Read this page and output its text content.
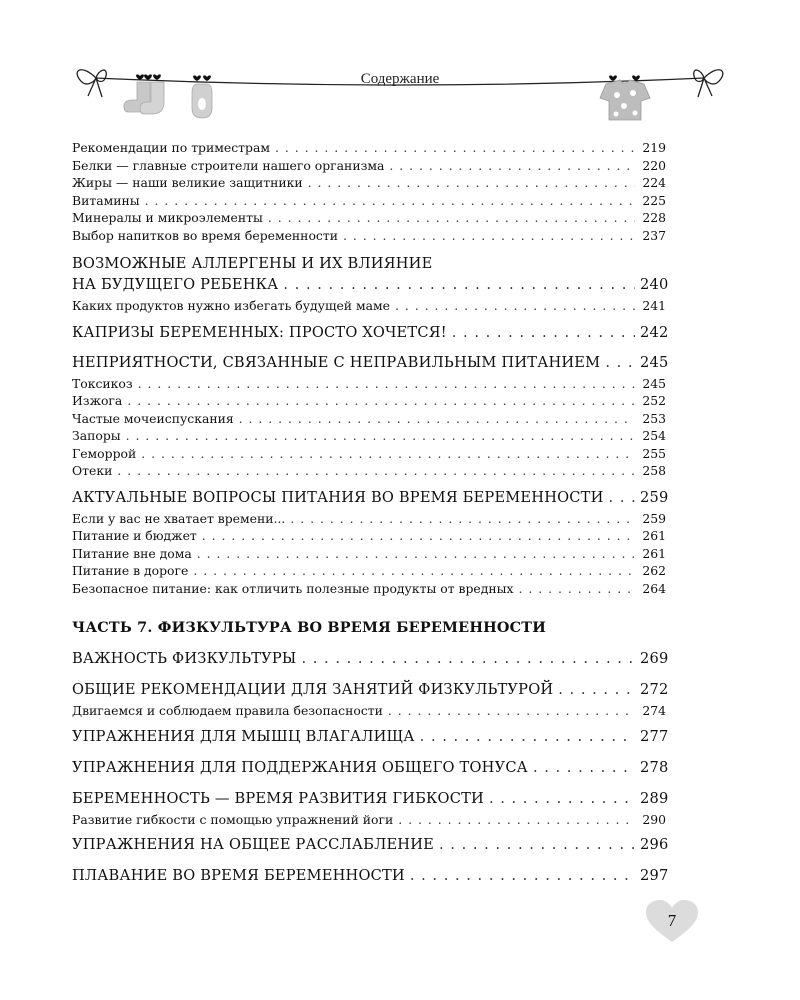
Содержание
Рекомендации по триместрам . . .	219
Белки — главные строители нашего организма . . .	220
Жиры — наши великие защитники . . .	224
Витамины . . .	225
Минералы и микроэлементы . . .	228
Выбор напитков во время беременности . . .	237
ВОЗМОЖНЫЕ АЛЛЕРГЕНЫ И ИХ ВЛИЯНИЕ
НА БУДУЩЕГО РЕБЕНКА . . .	240
Каких продуктов нужно избегать будущей маме . . .	241
КАПРИЗЫ БЕРЕМЕННЫХ: ПРОСТО ХОЧЕТСЯ! . . .	242
НЕПРИЯТНОСТИ, СВЯЗАННЫЕ С НЕПРАВИЛЬНЫМ ПИТАНИЕМ . . .	245
Токсикоз . . .	245
Изжога . . .	252
Частые мочеиспускания . . .	253
Запоры . . .	254
Геморрой . . .	255
Отеки . . .	258
АКТУАЛЬНЫЕ ВОПРОСЫ ПИТАНИЯ ВО ВРЕМЯ БЕРЕМЕННОСТИ . . . 259
Если у вас не хватает времени... . . .	259
Питание и бюджет . . .	261
Питание вне дома . . .	261
Питание в дороге . . .	262
Безопасное питание: как отличить полезные продукты от вредных . . .	264
ЧАСТЬ 7. ФИЗКУЛЬТУРА ВО ВРЕМЯ БЕРЕМЕННОСТИ
ВАЖНОСТЬ ФИЗКУЛЬТУРЫ . . .	269
ОБЩИЕ РЕКОМЕНДАЦИИ ДЛЯ ЗАНЯТИЙ ФИЗКУЛЬТУРОЙ . . .	272
Двигаемся и соблюдаем правила безопасности . . .	274
УПРАЖНЕНИЯ ДЛЯ МЫШЦ ВЛАГАЛИЩА . . .	277
УПРАЖНЕНИЯ ДЛЯ ПОДДЕРЖАНИЯ ОБЩЕГО ТОНУСА . . .	278
БЕРЕМЕННОСТЬ — ВРЕМЯ РАЗВИТИЯ ГИБКОСТИ . . .	289
Развитие гибкости с помощью упражнений йоги . . .	290
УПРАЖНЕНИЯ НА ОБЩЕЕ РАССЛАБЛЕНИЕ . . .	296
ПЛАВАНИЕ ВО ВРЕМЯ БЕРЕМЕННОСТИ . . .	297
7
